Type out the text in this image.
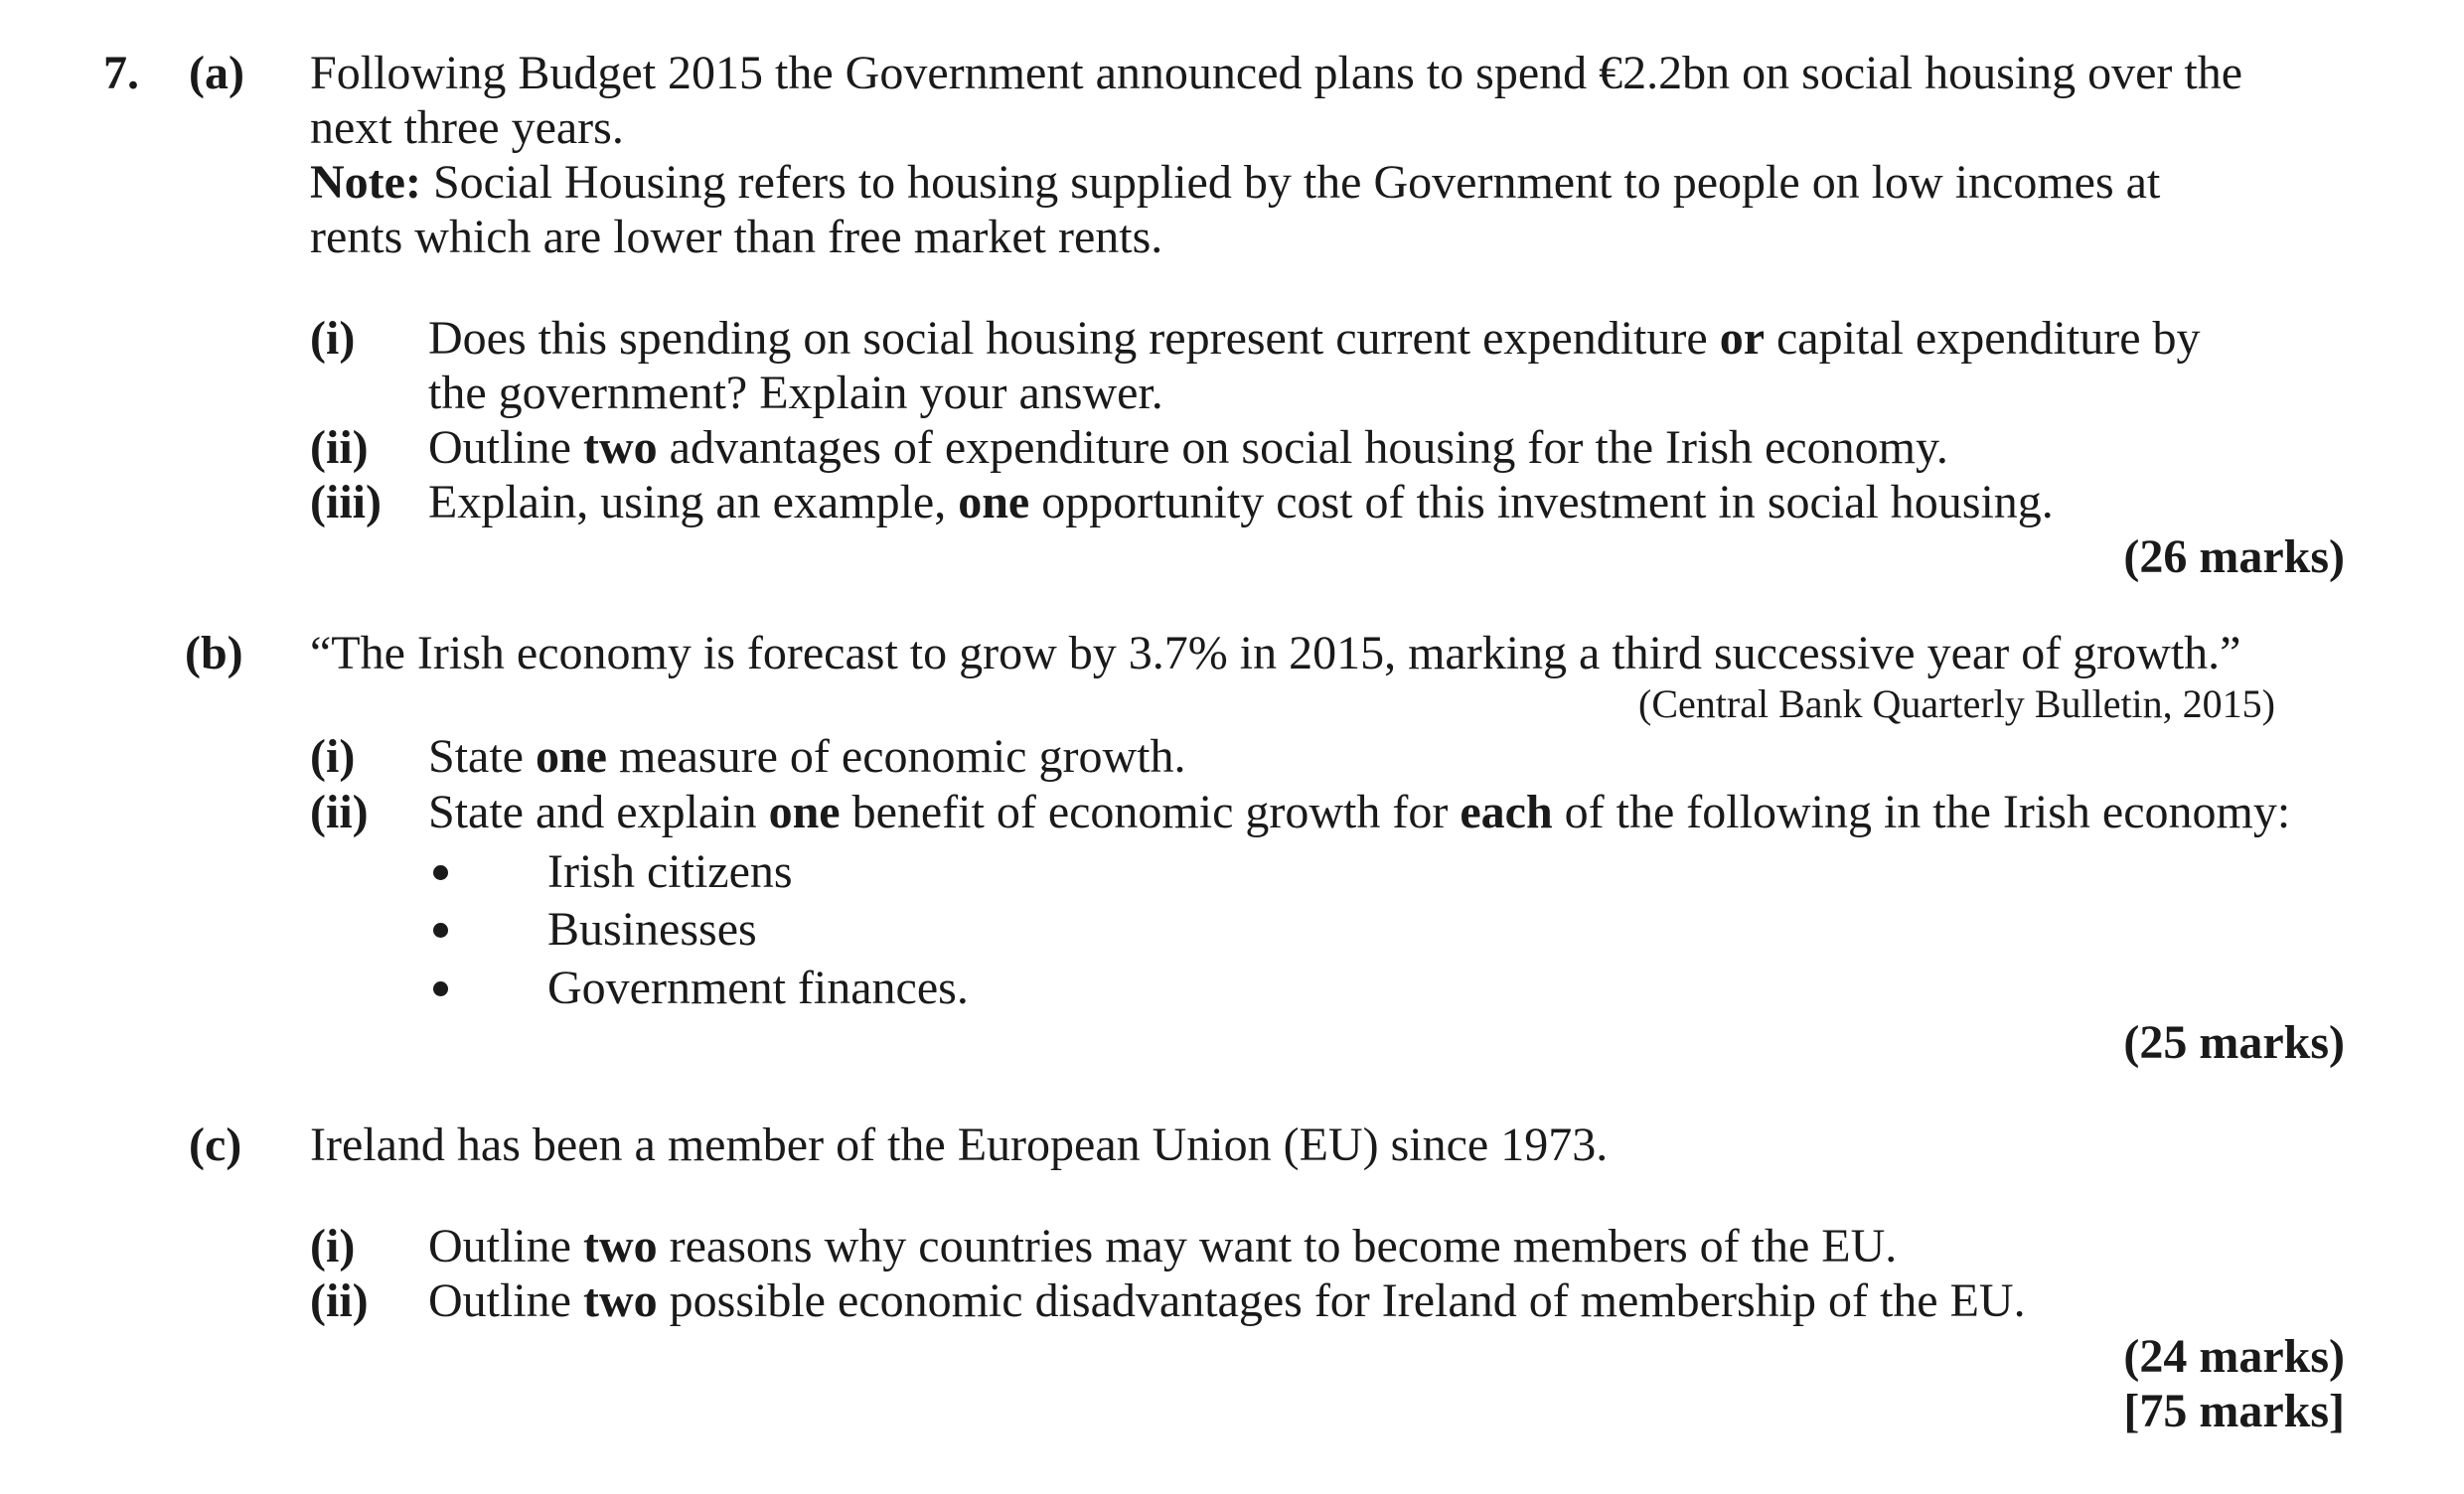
7. (a) Following Budget 2015 the Government announced plans to spend €2.2bn on social housing over the
next three years.
Note: Social Housing refers to housing supplied by the Government to people on low incomes at
rents which are lower than free market rents.
(i) Does this spending on social housing represent current expenditure or capital expenditure by
the government? Explain your answer.
(ii) Outline two advantages of expenditure on social housing for the Irish economy.
(iii) Explain, using an example, one opportunity cost of this investment in social housing.
(26 marks)
(b) “The Irish economy is forecast to grow by 3.7% in 2015, marking a third successive year of growth.”
(Central Bank Quarterly Bulletin, 2015)
(i) State one measure of economic growth.
(ii) State and explain one benefit of economic growth for each of the following in the Irish economy:
Irish citizens
Businesses
Government finances.
(25 marks)
(c) Ireland has been a member of the European Union (EU) since 1973.
(i) Outline two reasons why countries may want to become members of the EU.
(ii) Outline two possible economic disadvantages for Ireland of membership of the EU.
(24 marks)
[75 marks]
